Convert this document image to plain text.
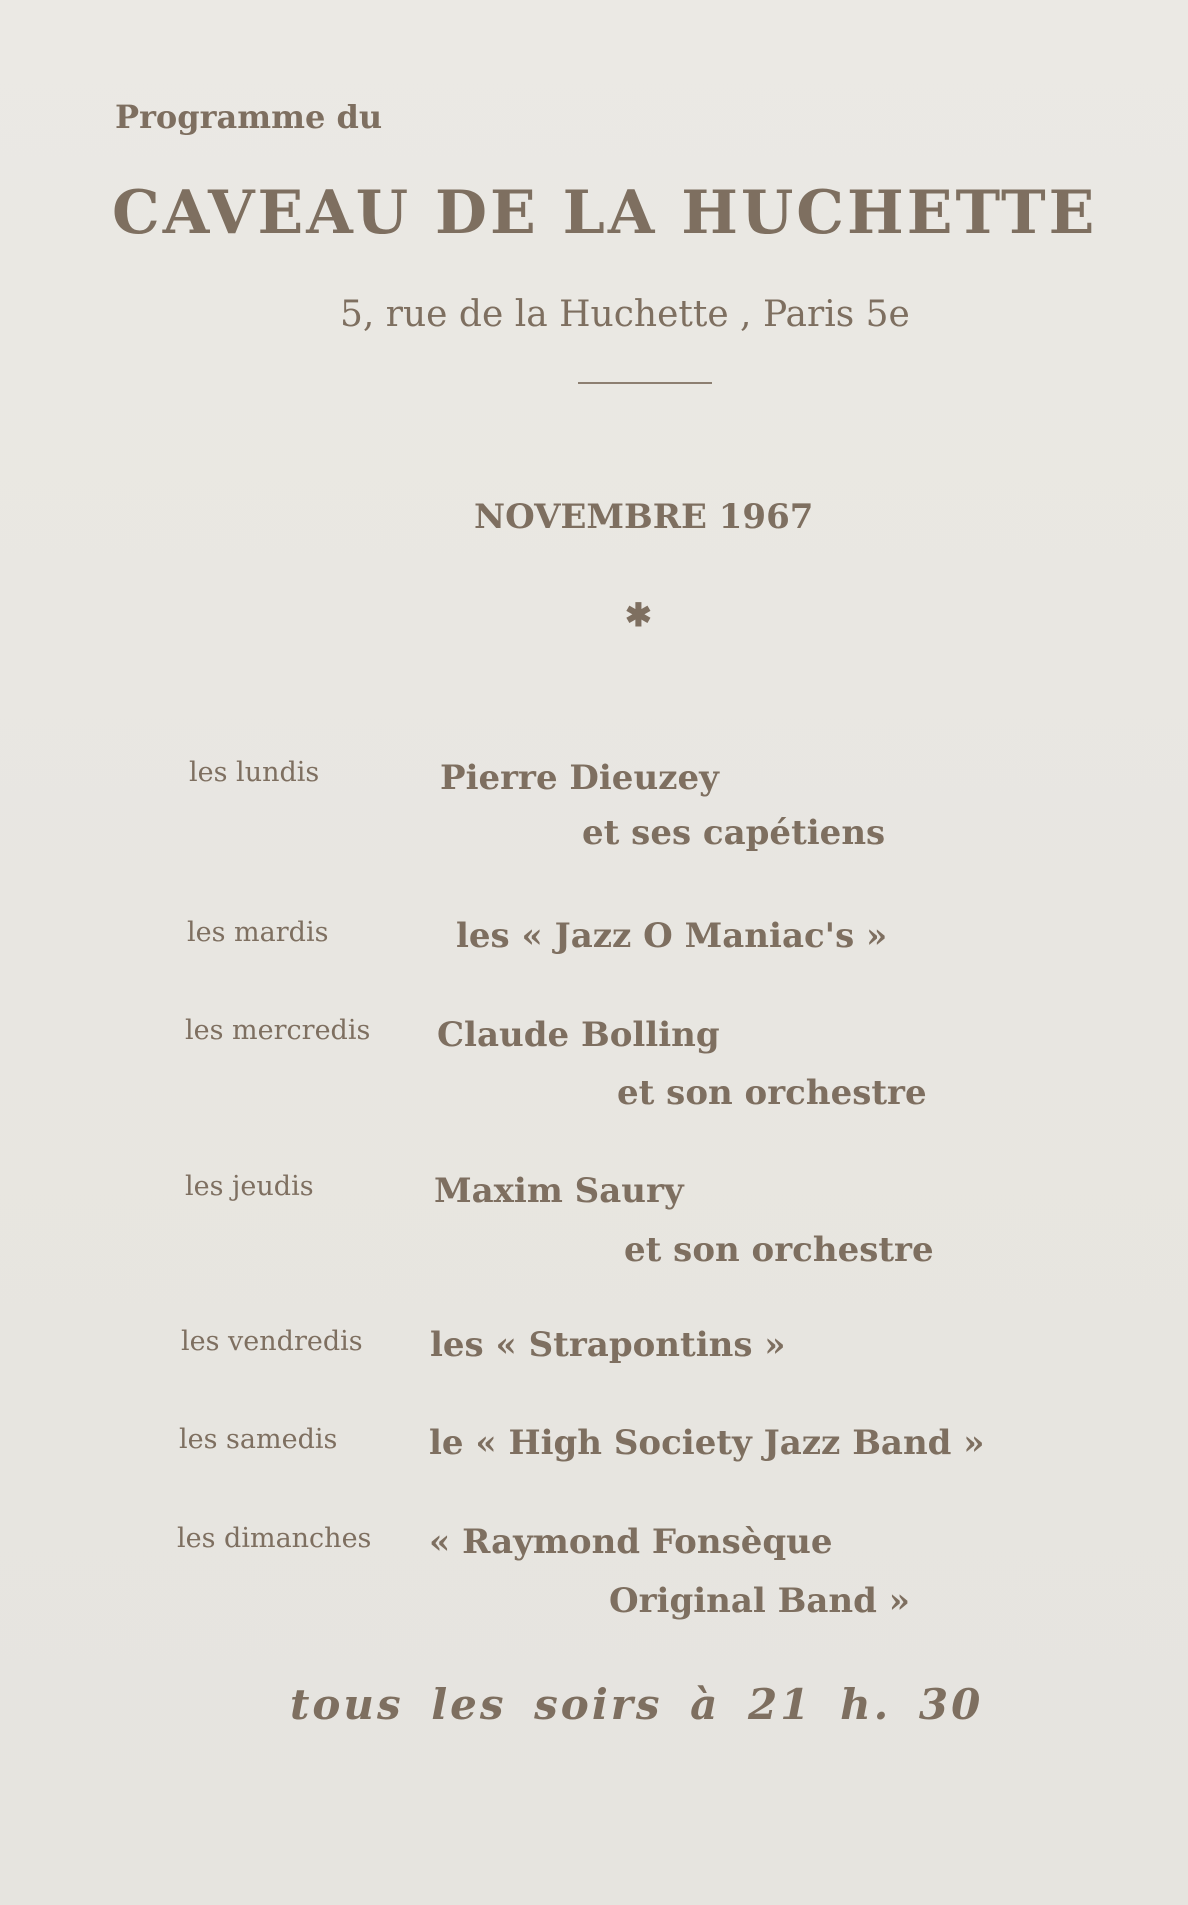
Programme du
CAVEAU DE LA HUCHETTE
5, rue de la Huchette , Paris 5e
NOVEMBRE 1967
✱
les lundis	Pierre Dieuzey
et ses capétiens
les mardis	les « Jazz O Maniac's »
les mercredis Claude Bolling
et son orchestre
les jeudis	Maxim Saury
et son orchestre
les vendredis les « Strapontins »
les samedis	le « High Society Jazz Band »
les dimanches « Raymond Fonsèque
Original Band »
tous les soirs à 21 h. 30
